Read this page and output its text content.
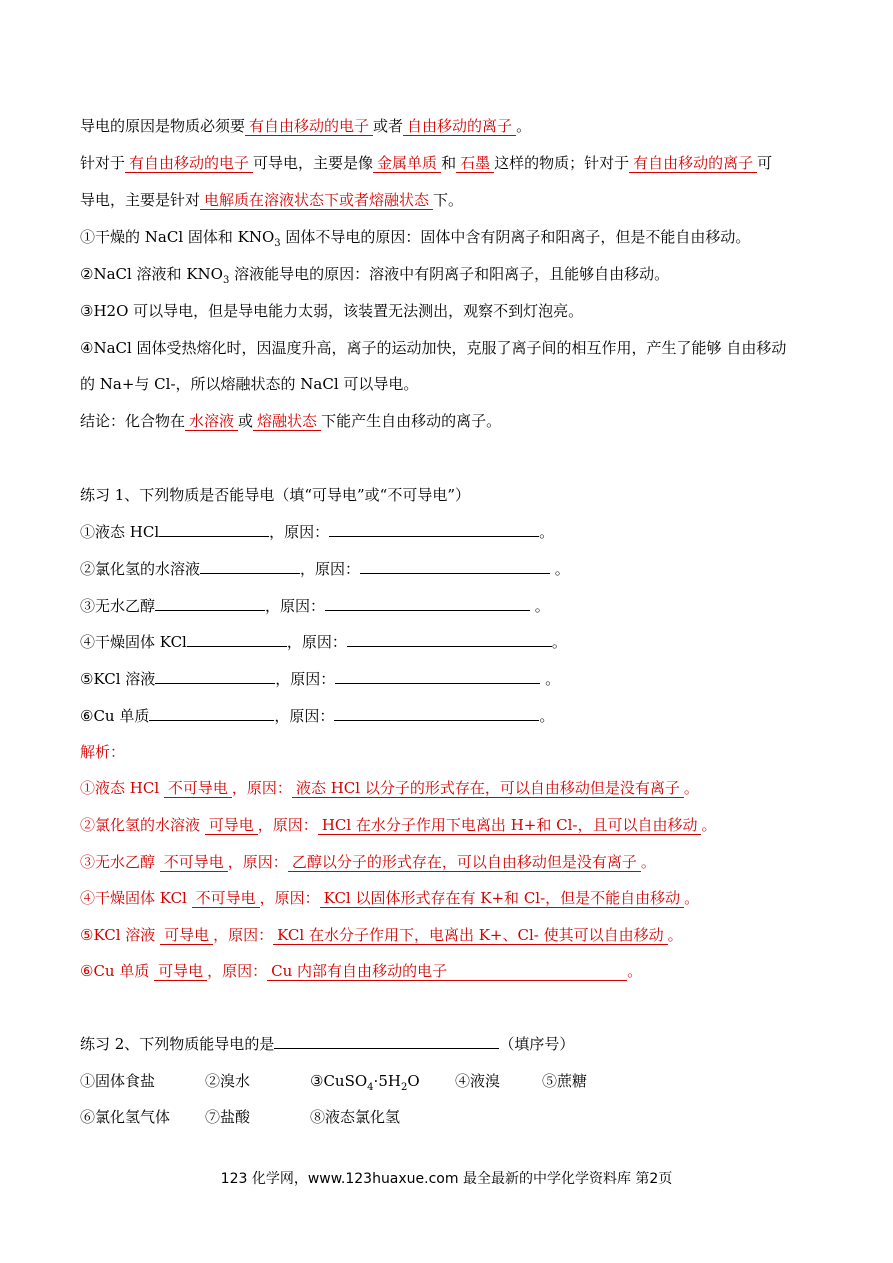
导电的原因是物质必须要 有自由移动的电子 或者 自由移动的离子 。
针对于 有自由移动的电子 可导电，主要是像 金属单质 和 石墨 这样的物质；针对于 有自由移动的离子 可
导电，主要是针对 电解质在溶液状态下或者熔融状态 下。
①干燥的 NaCl 固体和 $KNO_3$ 固体不导电的原因：固体中含有阴离子和阳离子，但是不能自由移动。
②NaCl 溶液和 $KNO_3$ 溶液能导电的原因：溶液中有阴离子和阳离子，且能够自由移动。
③H2O 可以导电，但是导电能力太弱，该装置无法测出，观察不到灯泡亮。
④NaCl 固体受热熔化时，因温度升高，离子的运动加快，克服了离子间的相互作用，产生了能够 自由移动
的 Na+与 Cl-，所以熔融状态的 NaCl 可以导电。
结论：化合物在 水溶液 或 熔融状态 下能产生自由移动的离子。
练习 1、下列物质是否能导电（填“可导电”或“不可导电”）
①液态 HCl	，原因：	。
②氯化氢的水溶液	，原因：	。
③无水乙醇	，原因：	。
④干燥固体 KCl	，原因：	。
⑤KCl 溶液	，原因：	。
⑥Cu 单质	，原因：	。
解析：
①液态 HCl 不可导电 ，原因： 液态 HCl 以分子的形式存在，可以自由移动但是没有离子 。
②氯化氢的水溶液 可导电 ，原因： HCl 在水分子作用下电离出 H+和 Cl-，且可以自由移动 。
③无水乙醇 不可导电 ，原因： 乙醇以分子的形式存在，可以自由移动但是没有离子 。
④干燥固体 KCl 不可导电 ，原因： KCl 以固体形式存在有 K+和 Cl-，但是不能自由移动 。
⑤KCl 溶液 可导电 ，原因： KCl 在水分子作用下，电离出 K+、Cl- 使其可以自由移动 。
⑥Cu 单质 可导电 ，原因： Cu 内部有自由移动的电子	。
练习 2、下列物质能导电的是	（填序号）
①固体食盐	②溴水	$③CuSO_4\cdot 5H_2O$ ④液溴	⑤蔗糖
⑥氯化氢气体 ⑦盐酸	⑧液态氯化氢
123 化学网，www.123huaxue.com 最全最新的中学化学资料库 第2页
